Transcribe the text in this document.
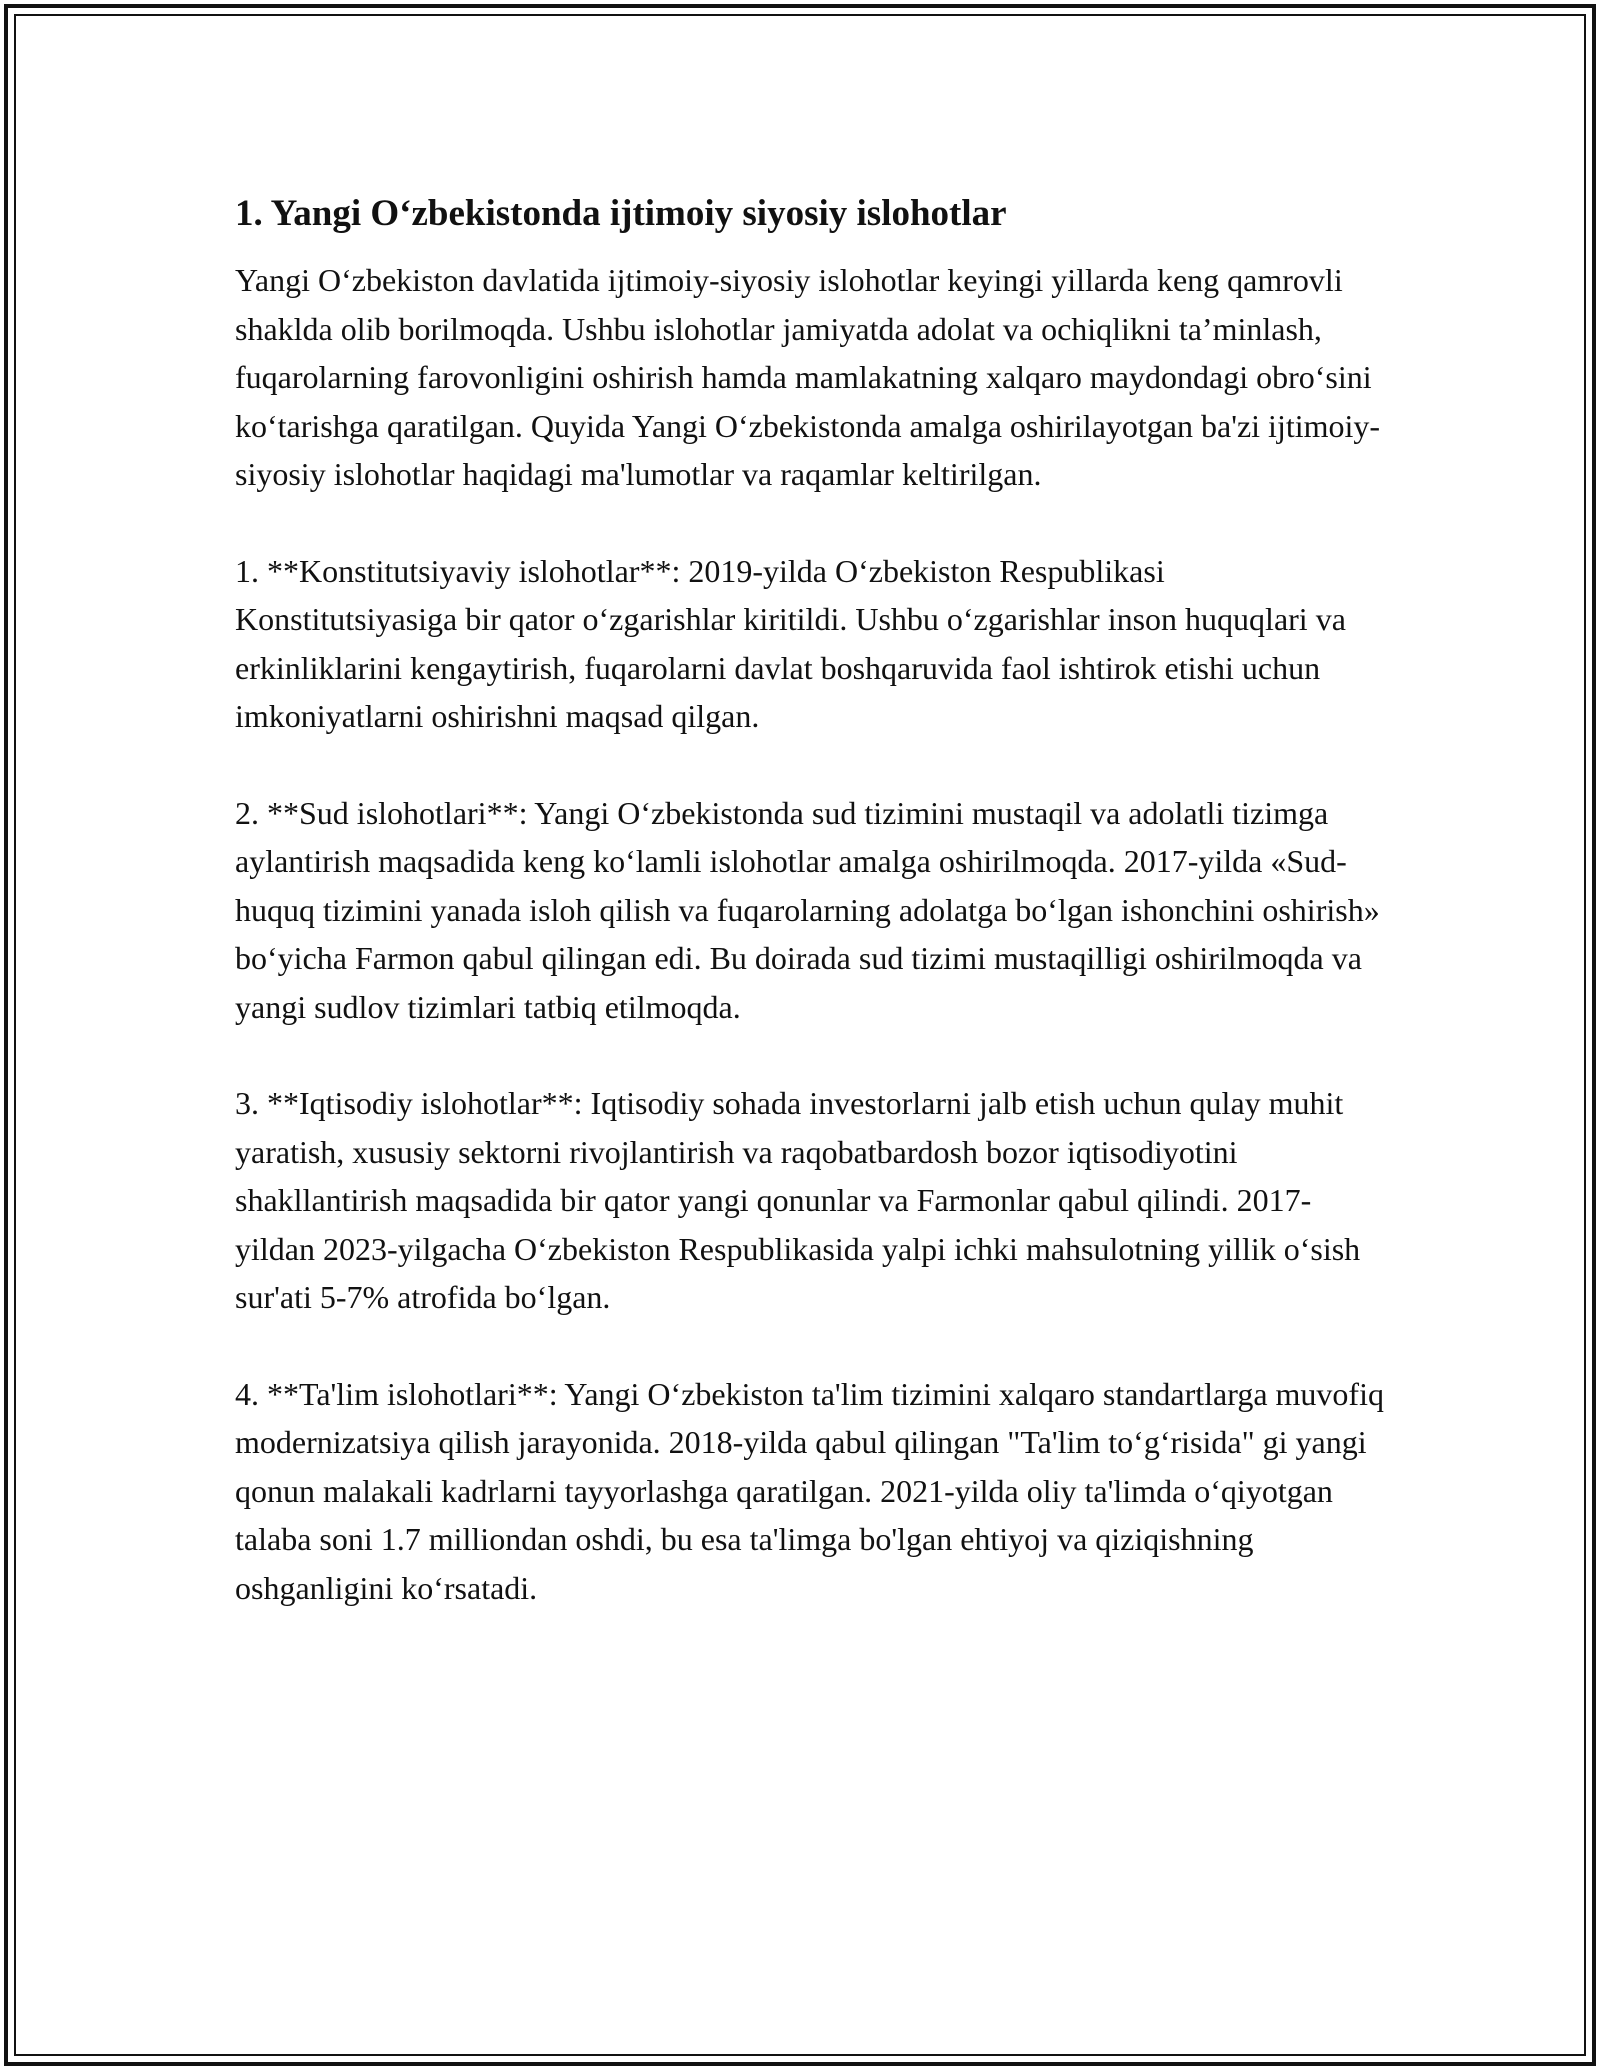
1. Yangi O‘zbekistonda ijtimoiy siyosiy islohotlar

Yangi O‘zbekiston davlatida ijtimoiy-siyosiy islohotlar keyingi yillarda keng qamrovli shaklda olib borilmoqda. Ushbu islohotlar jamiyatda adolat va ochiqlikni ta’minlash, fuqarolarning farovonligini oshirish hamda mamlakatning xalqaro maydondagi obro‘sini ko‘tarishga qaratilgan. Quyida Yangi O‘zbekistonda amalga oshirilayotgan ba'zi ijtimoiy-siyosiy islohotlar haqidagi ma'lumotlar va raqamlar keltirilgan.

1. **Konstitutsiyaviy islohotlar**: 2019-yilda O‘zbekiston Respublikasi Konstitutsiyasiga bir qator o‘zgarishlar kiritildi. Ushbu o‘zgarishlar inson huquqlari va erkinliklarini kengaytirish, fuqarolarni davlat boshqaruvida faol ishtirok etishi uchun imkoniyatlarni oshirishni maqsad qilgan.

2. **Sud islohotlari**: Yangi O‘zbekistonda sud tizimini mustaqil va adolatli tizimga aylantirish maqsadida keng ko‘lamli islohotlar amalga oshirilmoqda. 2017-yilda «Sud-huquq tizimini yanada isloh qilish va fuqarolarning adolatga bo‘lgan ishonchini oshirish» bo‘yicha Farmon qabul qilingan edi. Bu doirada sud tizimi mustaqilligi oshirilmoqda va yangi sudlov tizimlari tatbiq etilmoqda.

3. **Iqtisodiy islohotlar**: Iqtisodiy sohada investorlarni jalb etish uchun qulay muhit yaratish, xususiy sektorni rivojlantirish va raqobatbardosh bozor iqtisodiyotini shakllantirish maqsadida bir qator yangi qonunlar va Farmonlar qabul qilindi. 2017-yildan 2023-yilgacha O‘zbekiston Respublikasida yalpi ichki mahsulotning yillik o‘sish sur'ati 5-7% atrofida bo‘lgan.

4. **Ta'lim islohotlari**: Yangi O‘zbekiston ta'lim tizimini xalqaro standartlarga muvofiq modernizatsiya qilish jarayonida. 2018-yilda qabul qilingan "Ta'lim to‘g‘risida" gi yangi qonun malakali kadrlarni tayyorlashga qaratilgan. 2021-yilda oliy ta'limda o‘qiyotgan talaba soni 1.7 milliondan oshdi, bu esa ta'limga bo'lgan ehtiyoj va qiziqishning oshganligini ko‘rsatadi.
